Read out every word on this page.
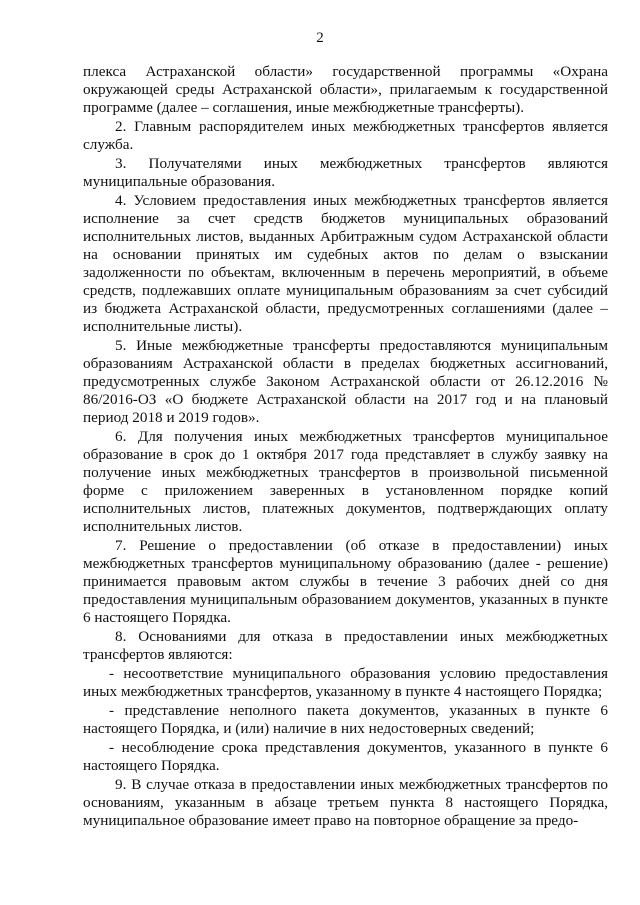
2

плекса Астраханской области» государственной программы «Охрана окружающей среды Астраханской области», прилагаемым к государственной программе (далее – соглашения, иные межбюджетные трансферты).

2. Главным распорядителем иных межбюджетных трансфертов является служба.

3. Получателями иных межбюджетных трансфертов являются муниципальные образования.

4. Условием предоставления иных межбюджетных трансфертов является исполнение за счет средств бюджетов муниципальных образований исполнительных листов, выданных Арбитражным судом Астраханской области на основании принятых им судебных актов по делам о взыскании задолженности по объектам, включенным в перечень мероприятий, в объеме средств, подлежавших оплате муниципальным образованиям за счет субсидий из бюджета Астраханской области, предусмотренных соглашениями (далее – исполнительные листы).

5. Иные межбюджетные трансферты предоставляются муниципальным образованиям Астраханской области в пределах бюджетных ассигнований, предусмотренных службе Законом Астраханской области от 26.12.2016 № 86/2016-ОЗ «О бюджете Астраханской области на 2017 год и на плановый период 2018 и 2019 годов».

6. Для получения иных межбюджетных трансфертов муниципальное образование в срок до 1 октября 2017 года представляет в службу заявку на получение иных межбюджетных трансфертов в произвольной письменной форме с приложением заверенных в установленном порядке копий исполнительных листов, платежных документов, подтверждающих оплату исполнительных листов.

7. Решение о предоставлении (об отказе в предоставлении) иных межбюджетных трансфертов муниципальному образованию (далее - решение) принимается правовым актом службы в течение 3 рабочих дней со дня предоставления муниципальным образованием документов, указанных в пункте 6 настоящего Порядка.

8. Основаниями для отказа в предоставлении иных межбюджетных трансфертов являются:

- несоответствие муниципального образования условию предоставления иных межбюджетных трансфертов, указанному в пункте 4 настоящего Порядка;

- представление неполного пакета документов, указанных в пункте 6 настоящего Порядка, и (или) наличие в них недостоверных сведений;

- несоблюдение срока представления документов, указанного в пункте 6 настоящего Порядка.

9. В случае отказа в предоставлении иных межбюджетных трансфертов по основаниям, указанным в абзаце третьем пункта 8 настоящего Порядка, муниципальное образование имеет право на повторное обращение за предо-
